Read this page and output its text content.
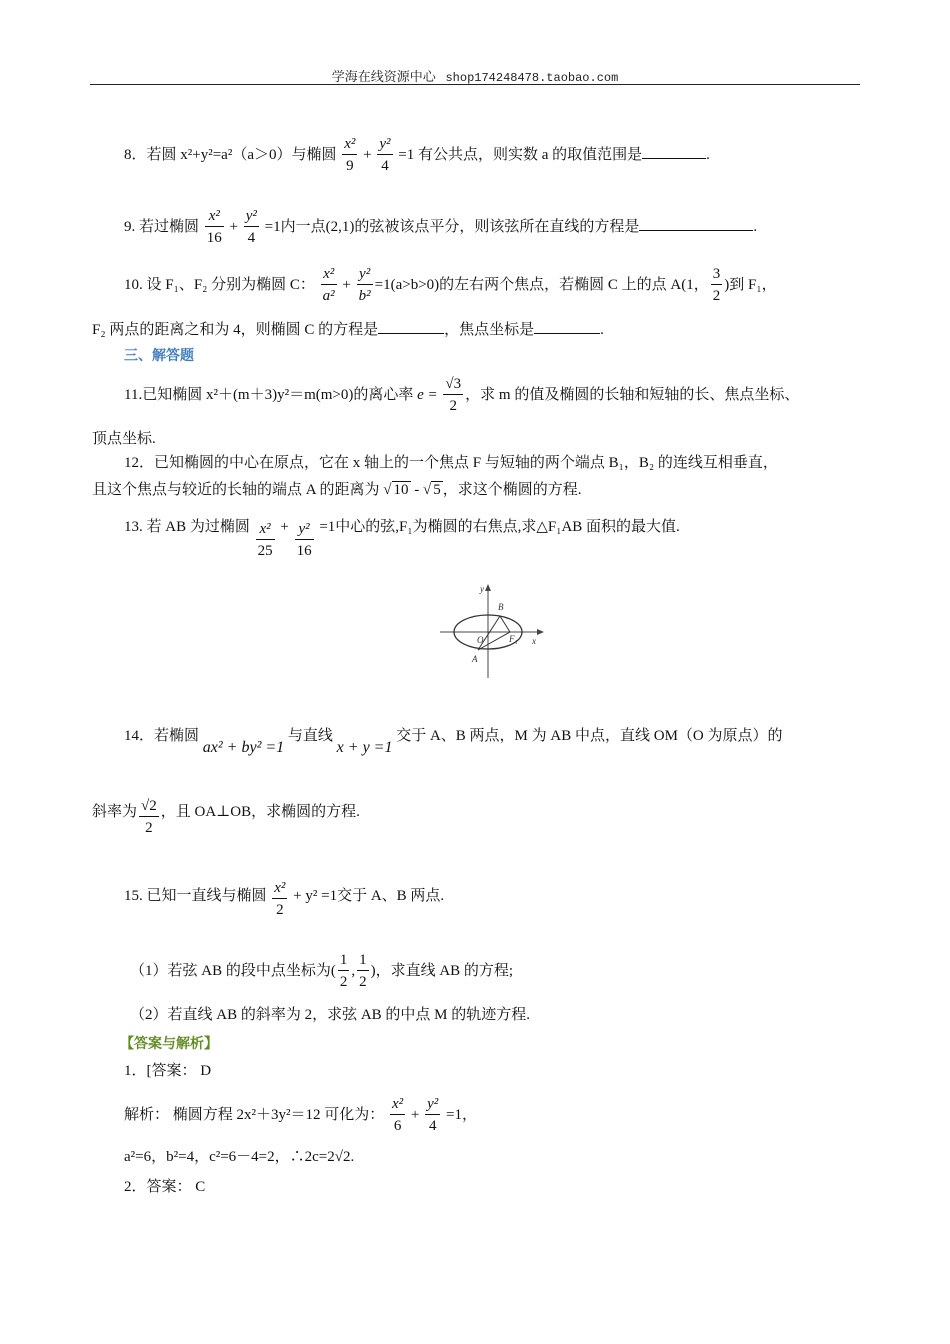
学海在线资源中心 shop174248478.taobao.com
8．若圆 x²+y²=a²（a＞0）与椭圆 $\frac{\text{x²}}{9} + \frac{\text{y²}}{4} =1$ 有公共点，则实数 a 的取值范围是	.
9. 若过椭圆 $\frac{\text{x²}}{16} + \frac{\text{y²}}{4} =1$内一点(2,1)的弦被该点平分，则该弦所在直线的方程是	.
10. 设 F₁、F₂ 分别为椭圆 C： $\frac{\text{x²}}{\text{a²}} + \frac{\text{y²}}{\text{b²}} =1(a>b>0)$的左右两个焦点，若椭圆 C 上的点 A(1， $\frac{3}{2}$ )到 F₁，
F₂ 两点的距离之和为 4，则椭圆 C 的方程是	，焦点坐标是	.
三、解答题
11.已知椭圆 x²＋(m＋3)y²＝m(m>0)的离心率 $e = \frac{√3}{2}$ ，求 m 的值及椭圆的长轴和短轴的长、焦点坐标、
顶点坐标.
12．已知椭圆的中心在原点，它在 x 轴上的一个焦点 F 与短轴的两个端点 B₁，B₂ 的连线互相垂直，
且这个焦点与较近的长轴的端点 A 的距离为 √ 10 - √ 5 ，求这个椭圆的方程.
13. 若 AB 为过椭圆 $\frac{\text{x²}}{25} + \frac{\text{y²}}{16} =1$中心的弦,F₁为椭圆的右焦点,求△F₁AB 面积的最大值.
y
x
O
A
B
F₁
14．若椭圆 ax² + by² =1 与直线 x + y =1 交于 A、B 两点，M 为 AB 中点，直线 OM（O 为原点）的
斜率为 $\frac{√2}{2}$ ，且 OA⊥OB，求椭圆的方程.
15. 已知一直线与椭圆 $\frac{\text{x²}}{2} + y^2 =1$交于 A、B 两点.
（1）若弦 AB 的段中点坐标为( $\frac{1}{2}$ , $\frac{1}{2}$ )，求直线 AB 的方程;
（2）若直线 AB 的斜率为 2，求弦 AB 的中点 M 的轨迹方程.
【答案与解析】
1．[答案： D
解析： 椭圆方程 2x²＋3y²＝12 可化为： $\frac{\text{x²}}{6} + \frac{\text{y²}}{4} =1$，
a²=6，b²=4，c²=6－4=2，∴2c=2√2.
2．答案： C
